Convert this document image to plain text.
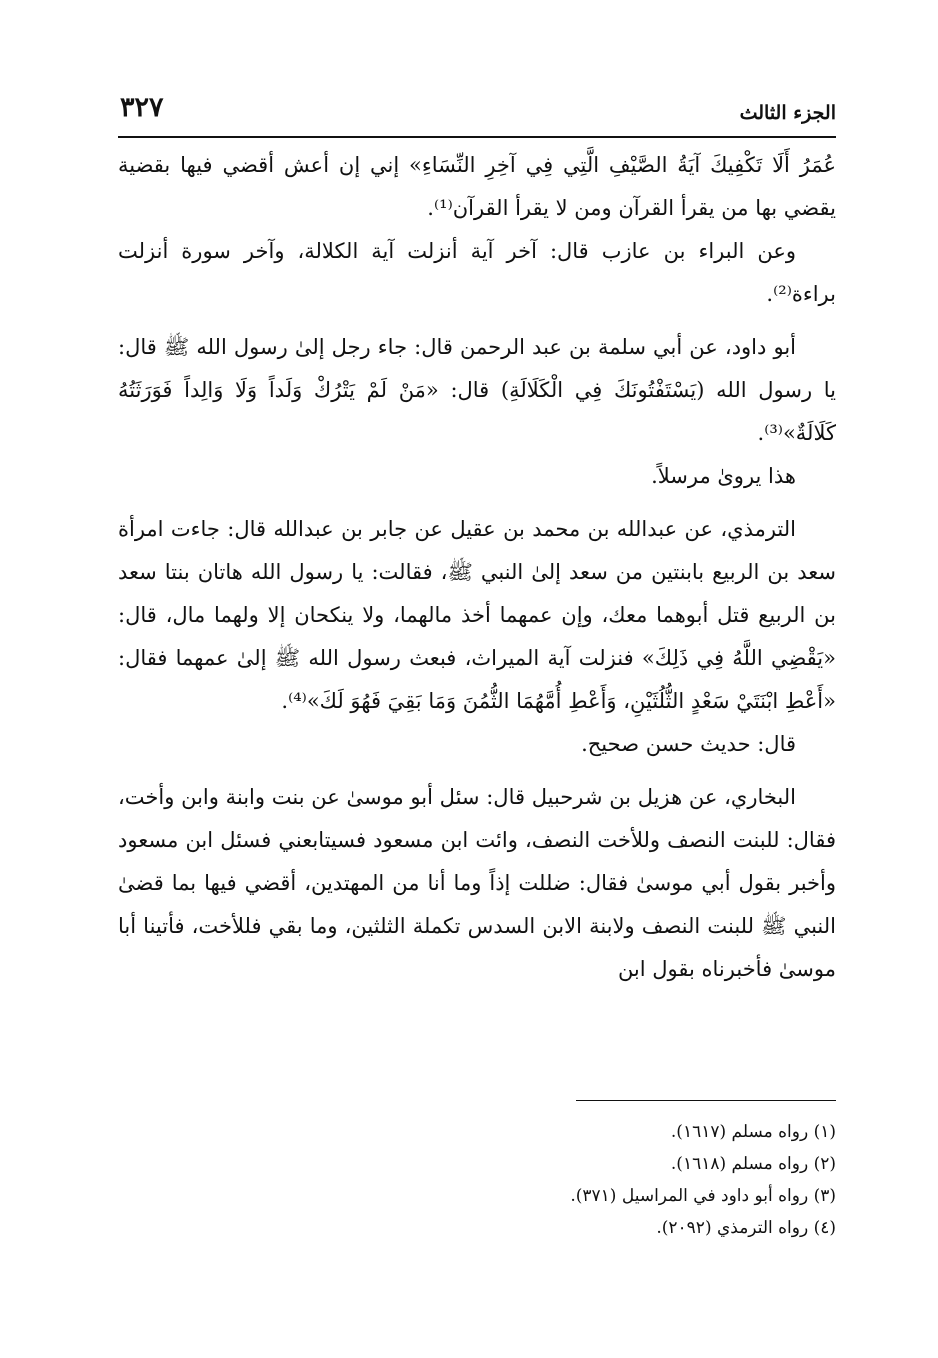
الجزء الثالث
٣٢٧

عُمَرُ أَلَا تَكْفِيكَ آيَةُ الصَّيْفِ الَّتِي فِي آخِرِ النِّسَاءِ» إني إن أعش أقضي فيها بقضية يقضي بها من يقرأ القرآن ومن لا يقرأ القرآن⁽¹⁾.

وعن البراء بن عازب قال: آخر آية أنزلت آية الكلالة، وآخر سورة أنزلت براءة⁽²⁾.

أبو داود، عن أبي سلمة بن عبد الرحمن قال: جاء رجل إلىٰ رسول الله ﷺ قال: يا رسول الله (يَسْتَفْتُونَكَ فِي الْكَلَالَةِ) قال: «مَنْ لَمْ يَتْرُكْ وَلَداً وَلَا وَالِداً فَوَرَثَتُهُ كَلَالَةٌ»⁽³⁾.

هذا يروىٰ مرسلاً.

الترمذي، عن عبدالله بن محمد بن عقيل عن جابر بن عبدالله قال: جاءت امرأة سعد بن الربيع بابنتين من سعد إلىٰ النبي ﷺ، فقالت: يا رسول الله هاتان بنتا سعد بن الربيع قتل أبوهما معك، وإن عمهما أخذ مالهما، ولا ينكحان إلا ولهما مال، قال: «يَقْضِي اللَّهُ فِي ذَلِكَ» فنزلت آية الميراث، فبعث رسول الله ﷺ إلىٰ عمهما فقال: «أَعْطِ ابْنَتَيْ سَعْدٍ الثُّلُثَيْنِ، وَأَعْطِ أُمَّهُمَا الثُّمُنَ وَمَا بَقِيَ فَهُوَ لَكَ»⁽⁴⁾.

قال: حديث حسن صحيح.

البخاري، عن هزيل بن شرحبيل قال: سئل أبو موسىٰ عن بنت وابنة وابن وأخت، فقال: للبنت النصف وللأخت النصف، وائت ابن مسعود فسيتابعني فسئل ابن مسعود وأخبر بقول أبي موسىٰ فقال: ضللت إذاً وما أنا من المهتدين، أقضي فيها بما قضىٰ النبي ﷺ للبنت النصف ولابنة الابن السدس تكملة الثلثين، وما بقي فللأخت، فأتينا أبا موسىٰ فأخبرناه بقول ابن

(١) رواه مسلم (١٦١٧).
(٢) رواه مسلم (١٦١٨).
(٣) رواه أبو داود في المراسيل (٣٧١).
(٤) رواه الترمذي (٢٠٩٢).
